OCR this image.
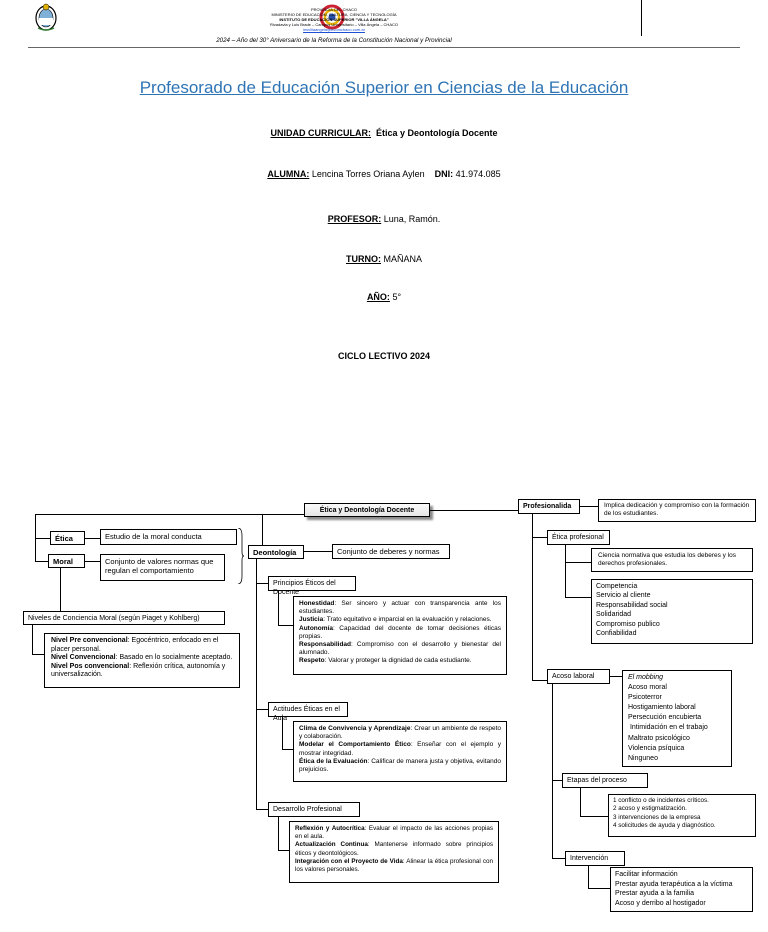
PROVINCIA DEL CHACO
MINISTERIO DE EDUCACIÓN, CULTURA, CIENCIA Y TECNOLOGÍA
INSTITUTO DE EDUCACIÓN SUPERIOR "VILLA ÁNGELA"
Rivadavia y Luis Brade – Campus Universitario – Villa Ángela – CHACO
iesvillaangela@ecomchaco.com.ar
2024 – Año del 30° Aniversario de la Reforma de la Constitución Nacional y Provincial
Profesorado de Educación Superior en Ciencias de la Educación
UNIDAD CURRICULAR: Ética y Deontología Docente
ALUMNA: Lencina Torres Oriana Aylen DNI: 41.974.085
PROFESOR: Luna, Ramón.
TURNO: MAÑANA
AÑO: 5°
CICLO LECTIVO 2024
Ética y Deontología Docente
Ética	Estudio de la moral conducta
Moral	Conjunto de valores normas que regulan el comportamiento
Niveles de Conciencia Moral (según Piaget y Kohlberg)
Nivel Pre convencional: Egocéntrico, enfocado en el placer personal.
Nivel Convencional: Basado en lo socialmente aceptado.
Nivel Pos convencional: Reflexión crítica, autonomía y universalización.
Deontología	Conjunto de deberes y normas
Principios Éticos del Docente
Honestidad: Ser sincero y actuar con transparencia ante los estudiantes.
Justicia: Trato equitativo e imparcial en la evaluación y relaciones.
Autonomía: Capacidad del docente de tomar decisiones éticas propias.
Responsabilidad: Compromiso con el desarrollo y bienestar del alumnado.
Respeto: Valorar y proteger la dignidad de cada estudiante.
Actitudes Éticas en el Aula
Clima de Convivencia y Aprendizaje: Crear un ambiente de respeto y colaboración.
Modelar el Comportamiento Ético: Enseñar con el ejemplo y mostrar integridad.
Ética de la Evaluación: Calificar de manera justa y objetiva, evitando prejuicios.
Desarrollo Profesional
Reflexión y Autocrítica: Evaluar el impacto de las acciones propias en el aula.
Actualización Continua: Mantenerse informado sobre principios éticos y deontológicos.
Integración con el Proyecto de Vida: Alinear la ética profesional con los valores personales.
Profesionalida	Implica dedicación y compromiso con la formación de los estudiantes.
Ética profesional
Ciencia normativa que estudia los deberes y los derechos profesionales.
Competencia
Servicio al cliente
Responsabilidad social
Solidaridad
Compromiso publico
Confiabilidad
Acoso laboral	El mobbing
Acoso moral
Psicoterror
Hostigamiento laboral
Persecución encubierta
Intimidación en el trabajo
Maltrato psicológico
Violencia psíquica
Ninguneo
Etapas del proceso
1 conflicto o de incidentes críticos.
2 acoso y estigmatización.
3 intervenciones de la empresa
4 solicitudes de ayuda y diagnóstico.
Intervención
Facilitar información
Prestar ayuda terapéutica a la víctima
Prestar ayuda a la familia
Acoso y derribo al hostigador
